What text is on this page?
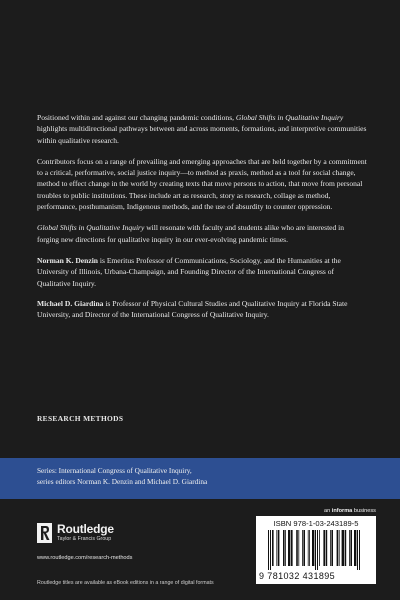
Positioned within and against our changing pandemic conditions, Global Shifts in Qualitative Inquiry highlights multidirectional pathways between and across moments, formations, and interpretive communities within qualitative research.

Contributors focus on a range of prevailing and emerging approaches that are held together by a commitment to a critical, performative, social justice inquiry—to method as praxis, method as a tool for social change, method to effect change in the world by creating texts that move persons to action, that move from personal troubles to public institutions. These include art as research, story as research, collage as method, performance, posthumanism, Indigenous methods, and the use of absurdity to counter oppression.

Global Shifts in Qualitative Inquiry will resonate with faculty and students alike who are interested in forging new directions for qualitative inquiry in our ever-evolving pandemic times.

Norman K. Denzin is Emeritus Professor of Communications, Sociology, and the Humanities at the University of Illinois, Urbana-Champaign, and Founding Director of the International Congress of Qualitative Inquiry.

Michael D. Giardina is Professor of Physical Cultural Studies and Qualitative Inquiry at Florida State University, and Director of the International Congress of Qualitative Inquiry.

RESEARCH METHODS
Series: International Congress of Qualitative Inquiry,
series editors Norman K. Denzin and Michael D. Giardina
Routledge
Taylor & Francis Group
www.routledge.com/research-methods
Routledge titles are available as eBook editions in a range of digital formats
an informa business
ISBN 978-1-03-243189-5
9 781032 431895
